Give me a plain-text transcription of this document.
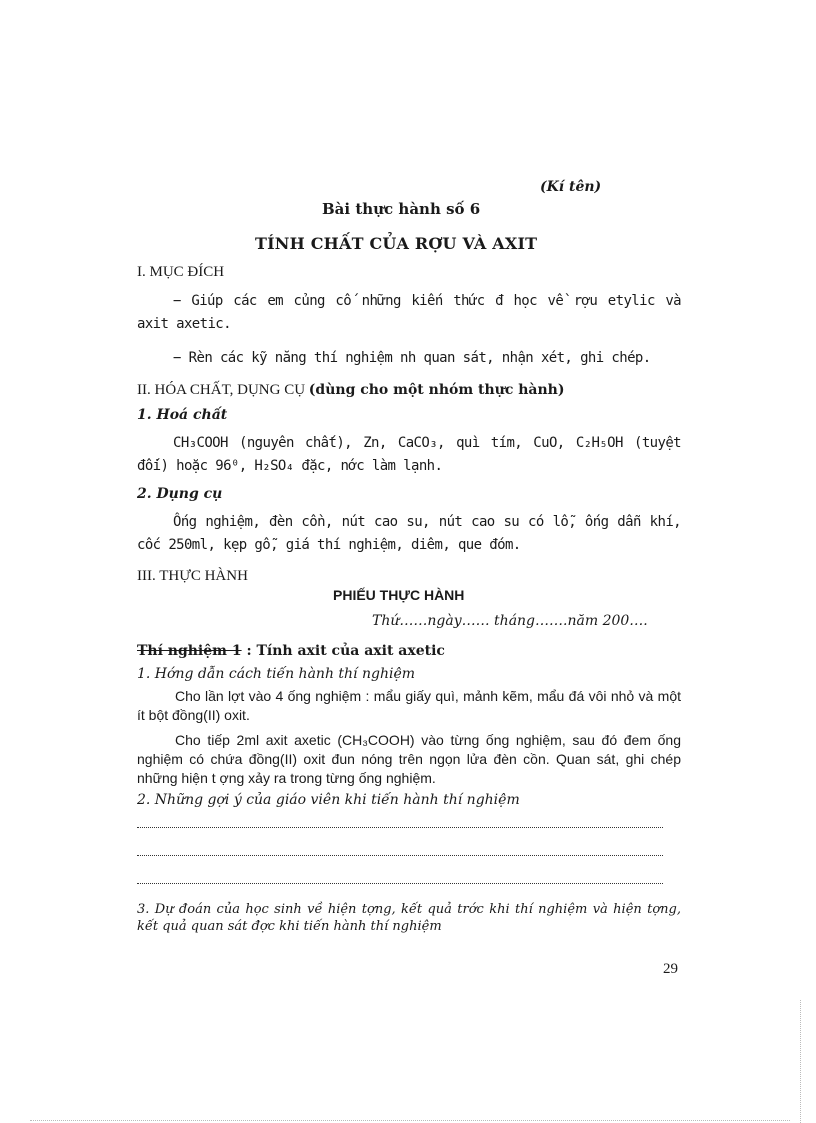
(Kí tên)
Bài thực hành số 6
TÍNH CHẤT CỦA RỢU VÀ AXIT
I. MỤC ĐÍCH
− Giúp các em củng cố những kiến thức đ học về rợu etylic và axit axetic.
− Rèn các kỹ năng thí nghiệm nh quan sát, nhận xét, ghi chép.
II. HÓA CHẤT, DỤNG CỤ (dùng cho một nhóm thực hành)
1. Hoá chất
CH₃COOH (nguyên chất), Zn, CaCO₃, quì tím, CuO, C₂H₅OH (tuyệt đối) hoặc 96⁰, H₂SO₄ đặc, nớc làm lạnh.
2. Dụng cụ
Ống nghiệm, đèn cồn, nút cao su, nút cao su có lỗ, ống dẫn khí, cốc 250ml, kẹp gỗ, giá thí nghiệm, diêm, que đóm.
III. THỰC HÀNH
PHIẾU THỰC HÀNH
Thứ……ngày…… tháng…….năm 200….
Thí nghiệm 1 : Tính axit của axit axetic
1. Hớng dẫn cách tiến hành thí nghiệm
Cho lần lợt vào 4 ống nghiệm : mẩu giấy quì, mảnh kẽm, mẩu đá vôi nhỏ và một ít bột đồng(II) oxit.
Cho tiếp 2ml axit axetic (CH₃COOH) vào từng ống nghiệm, sau đó đem ống nghiệm có chứa đồng(II) oxit đun nóng trên ngọn lửa đèn cồn. Quan sát, ghi chép những hiện t ợng xảy ra trong từng ống nghiệm.
2. Những gợi ý của giáo viên khi tiến hành thí nghiệm
3. Dự đoán của học sinh về hiện tợng, kết quả trớc khi thí nghiệm và hiện tợng, kết quả quan sát đợc khi tiến hành thí nghiệm
29
